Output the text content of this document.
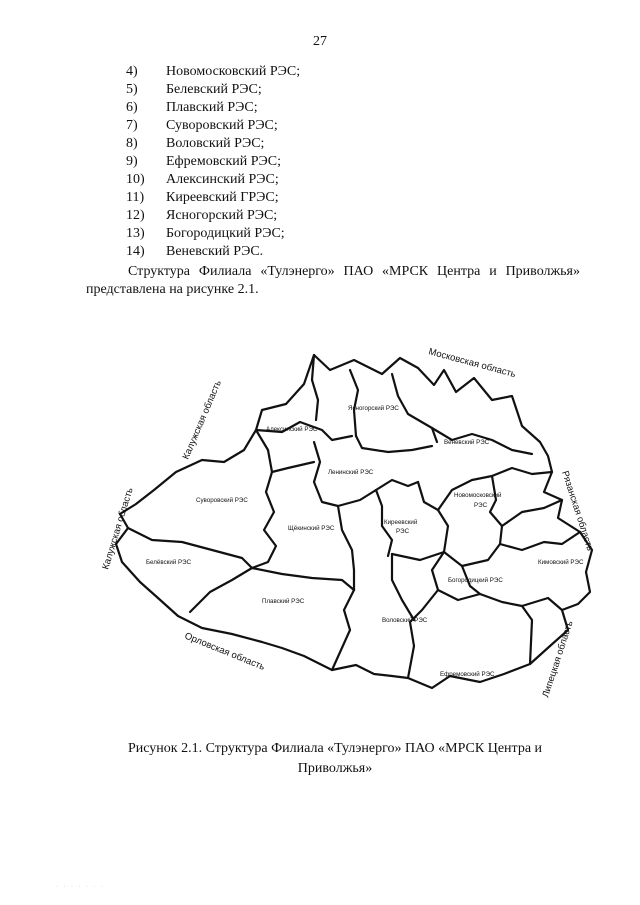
27
4) Новомосковский РЭС;
5) Белевский РЭС;
6) Плавский РЭС;
7) Суворовский РЭС;
8) Воловский РЭС;
9) Ефремовский РЭС;
10) Алексинский РЭС;
11) Киреевский ГРЭС;
12) Ясногорский РЭС;
13) Богородицкий РЭС;
14) Веневский РЭС.
Структура Филиала «Тулэнерго» ПАО «МРСК Центра и Приволжья» представлена на рисунке 2.1.
Ясногорский РЭС
Алексинский РЭС
Веневский РЭС
Ленинский РЭС
Суворовский РЭС
Новомосковский
РЭС
Щёкинский РЭС
Киреевский
РЭС
Белёвский РЭС	Кимовский РЭС
Богородицкий РЭС
Плавский РЭС
Воловский РЭС
Ефремовский РЭС
Московская область
Калужская область
Калужская область	Рязанская область
Орловская область	Липецкая область
Рисунок 2.1. Структура Филиала «Тулэнерго» ПАО «МРСК Центра и Приволжья»
· · · · · · ·
